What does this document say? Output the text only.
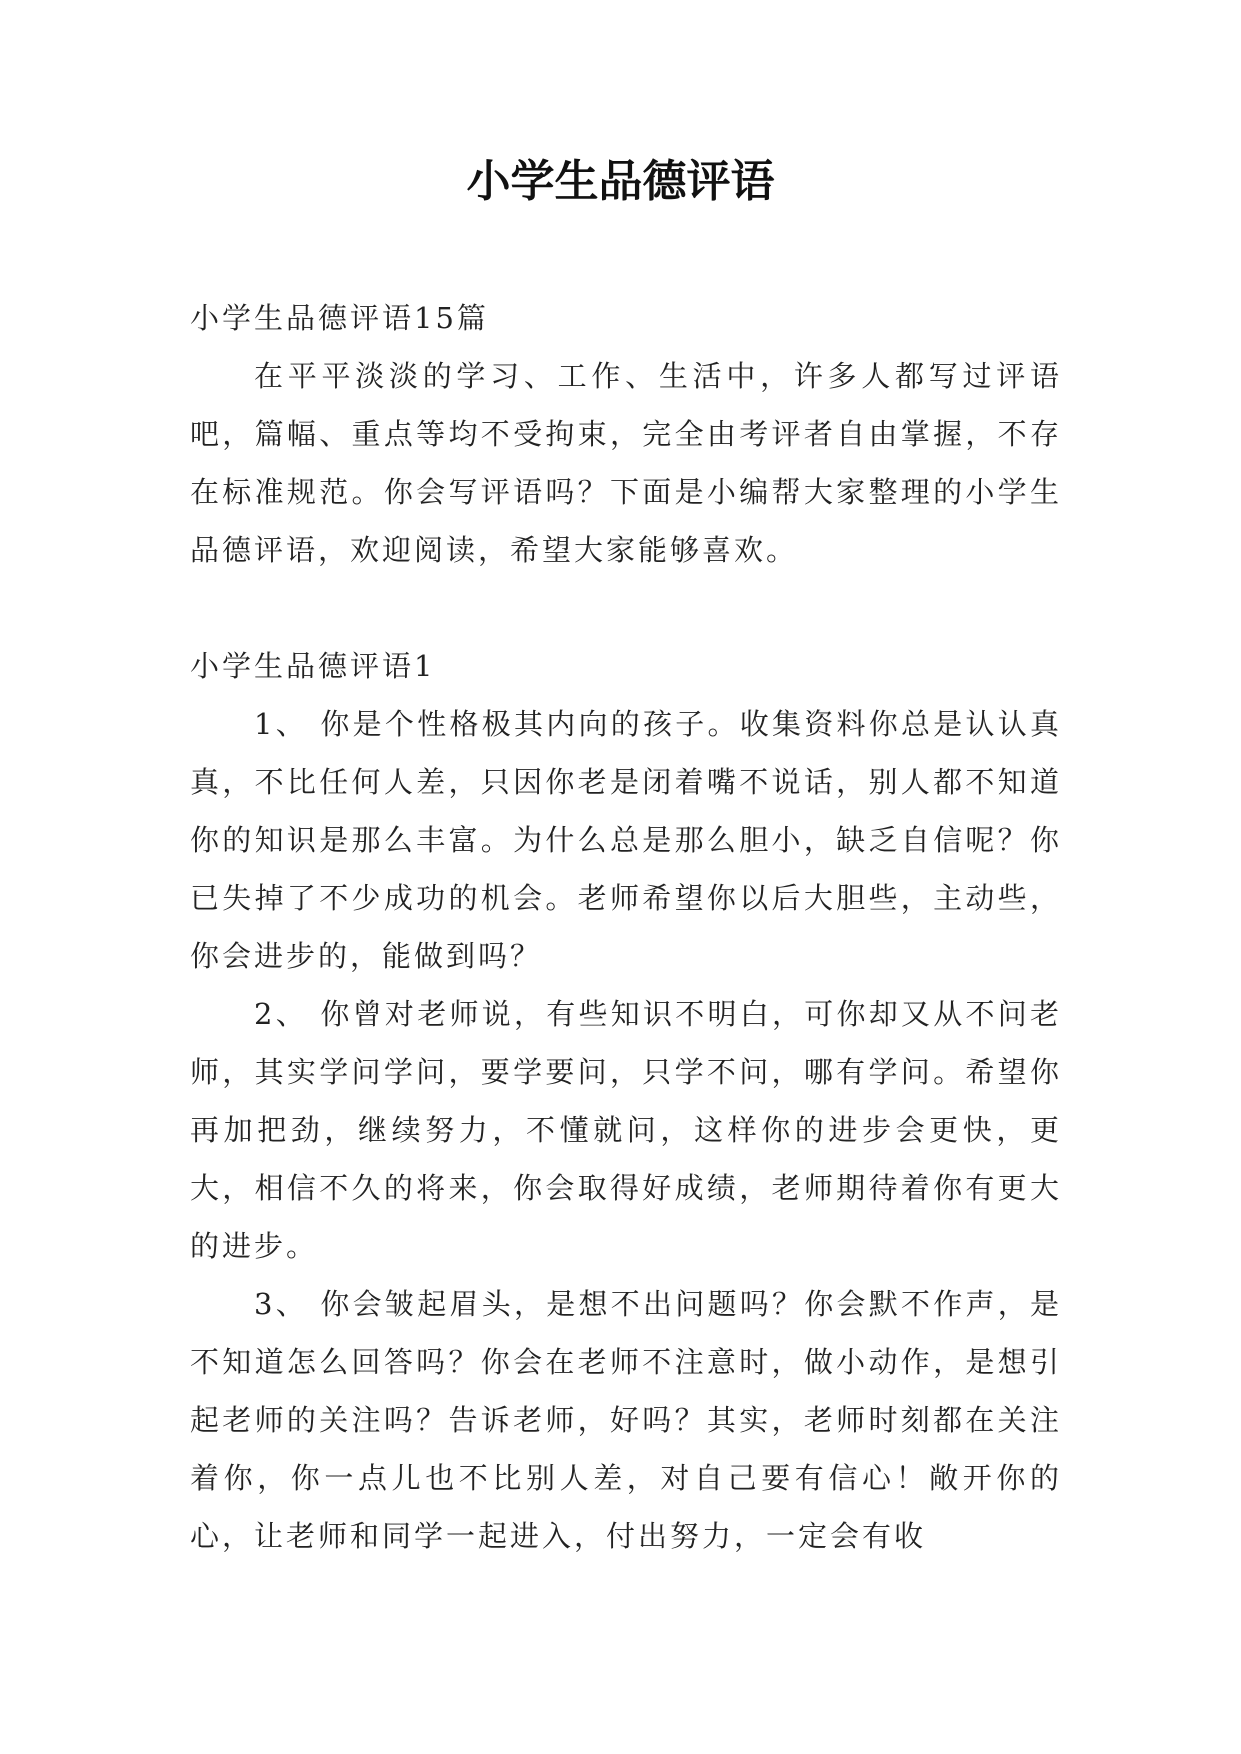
小学生品德评语

小学生品德评语15篇

在平平淡淡的学习、工作、生活中，许多人都写过评语吧，篇幅、重点等均不受拘束，完全由考评者自由掌握，不存在标准规范。你会写评语吗？下面是小编帮大家整理的小学生品德评语，欢迎阅读，希望大家能够喜欢。

小学生品德评语1

1、 你是个性格极其内向的孩子。收集资料你总是认认真真，不比任何人差，只因你老是闭着嘴不说话，别人都不知道你的知识是那么丰富。为什么总是那么胆小，缺乏自信呢？你已失掉了不少成功的机会。老师希望你以后大胆些，主动些，你会进步的，能做到吗？

2、 你曾对老师说，有些知识不明白，可你却又从不问老师，其实学问学问，要学要问，只学不问，哪有学问。希望你再加把劲，继续努力，不懂就问，这样你的进步会更快，更大，相信不久的将来，你会取得好成绩，老师期待着你有更大的进步。

3、 你会皱起眉头，是想不出问题吗？你会默不作声，是不知道怎么回答吗？你会在老师不注意时，做小动作，是想引起老师的关注吗？告诉老师，好吗？其实，老师时刻都在关注着你，你一点儿也不比别人差，对自己要有信心！敞开你的心，让老师和同学一起进入，付出努力，一定会有收
